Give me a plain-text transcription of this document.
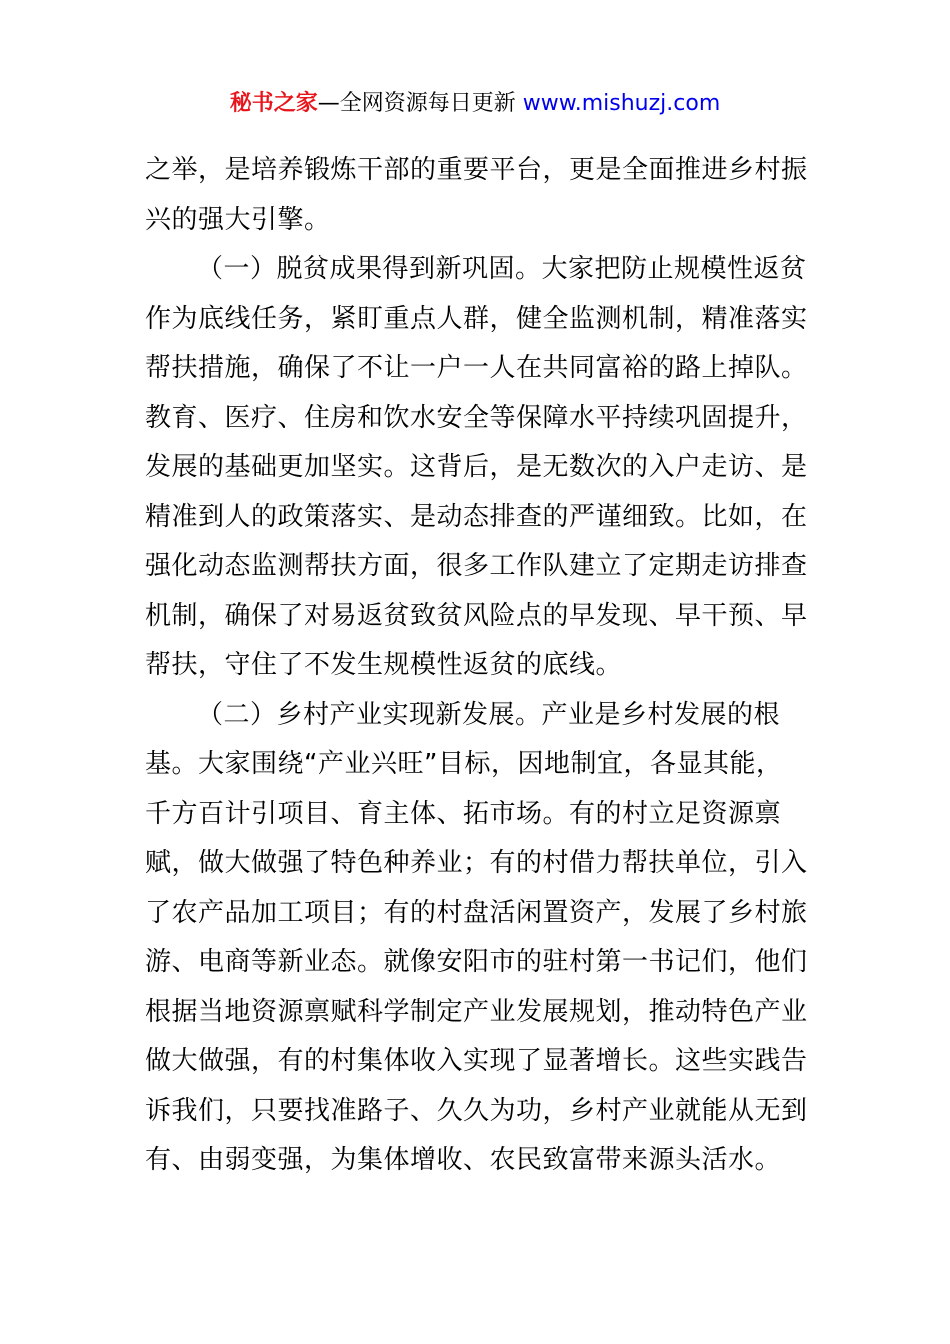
秘书之家—全网资源每日更新 www.mishuzj.com
之举，是培养锻炼干部的重要平台，更是全面推进乡村振
兴的强大引擎。
（一）脱贫成果得到新巩固。大家把防止规模性返贫
作为底线任务，紧盯重点人群，健全监测机制，精准落实
帮扶措施，确保了不让一户一人在共同富裕的路上掉队。
教育、医疗、住房和饮水安全等保障水平持续巩固提升，
发展的基础更加坚实。这背后，是无数次的入户走访、是
精准到人的政策落实、是动态排查的严谨细致。比如，在
强化动态监测帮扶方面，很多工作队建立了定期走访排查
机制，确保了对易返贫致贫风险点的早发现、早干预、早
帮扶，守住了不发生规模性返贫的底线。
（二）乡村产业实现新发展。产业是乡村发展的根
基。大家围绕“产业兴旺”目标，因地制宜，各显其能，
千方百计引项目、育主体、拓市场。有的村立足资源禀
赋，做大做强了特色种养业；有的村借力帮扶单位，引入
了农产品加工项目；有的村盘活闲置资产，发展了乡村旅
游、电商等新业态。就像安阳市的驻村第一书记们，他们
根据当地资源禀赋科学制定产业发展规划，推动特色产业
做大做强，有的村集体收入实现了显著增长。这些实践告
诉我们，只要找准路子、久久为功，乡村产业就能从无到
有、由弱变强，为集体增收、农民致富带来源头活水。
